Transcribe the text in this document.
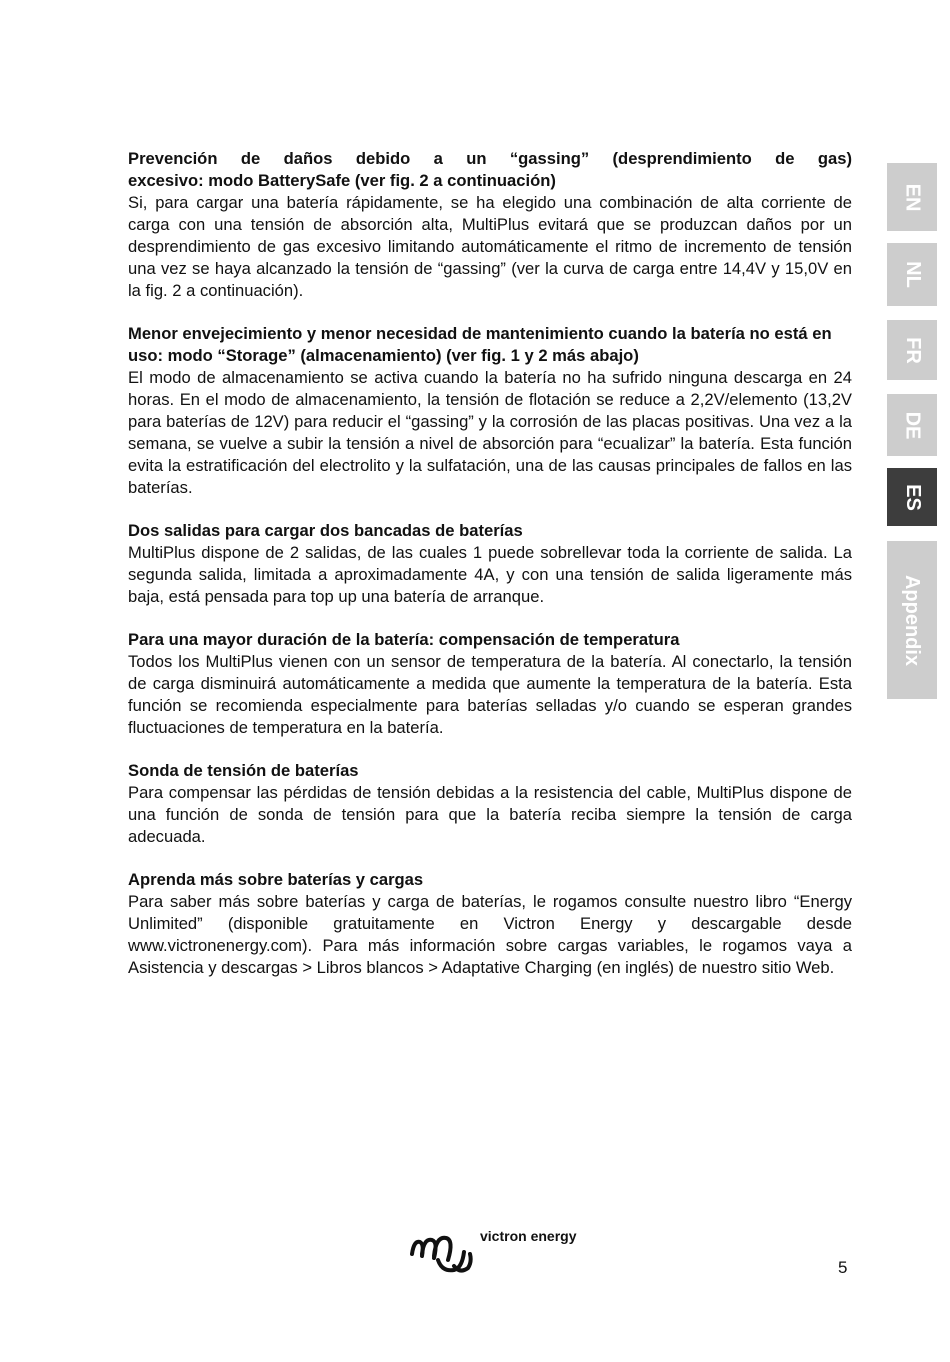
EN
NL
FR
DE
ES
Appendix
Prevención de daños debido a un “gassing” (desprendimiento de gas)
excesivo: modo BatterySafe (ver fig. 2 a continuación)

Si, para cargar una batería rápidamente, se ha elegido una combinación de alta corriente de carga con una tensión de absorción alta, MultiPlus evitará que se produzcan daños por un desprendimiento de gas excesivo limitando automáticamente el ritmo de incremento de tensión una vez se haya alcanzado la tensión de “gassing” (ver la curva de carga entre 14,4V y 15,0V en la fig. 2 a continuación).

Menor envejecimiento y menor necesidad de mantenimiento cuando la batería no está en uso: modo “Storage” (almacenamiento) (ver fig. 1 y 2 más abajo)

El modo de almacenamiento se activa cuando la batería no ha sufrido ninguna descarga en 24 horas. En el modo de almacenamiento, la tensión de flotación se reduce a 2,2V/elemento (13,2V para baterías de 12V) para reducir el “gassing” y la corrosión de las placas positivas. Una vez a la semana, se vuelve a subir la tensión a nivel de absorción para “ecualizar” la batería. Esta función evita la estratificación del electrolito y la sulfatación, una de las causas principales de fallos en las baterías.

Dos salidas para cargar dos bancadas de baterías

MultiPlus dispone de 2 salidas, de las cuales 1 puede sobrellevar toda la corriente de salida. La segunda salida, limitada a aproximadamente 4A, y con una tensión de salida ligeramente más baja, está pensada para top up una batería de arranque.

Para una mayor duración de la batería: compensación de temperatura

Todos los MultiPlus vienen con un sensor de temperatura de la batería. Al conectarlo, la tensión de carga disminuirá automáticamente a medida que aumente la temperatura de la batería. Esta función se recomienda especialmente para baterías selladas y/o cuando se esperan grandes fluctuaciones de temperatura en la batería.

Sonda de tensión de baterías

Para compensar las pérdidas de tensión debidas a la resistencia del cable, MultiPlus dispone de una función de sonda de tensión para que la batería reciba siempre la tensión de carga adecuada.

Aprenda más sobre baterías y cargas

Para saber más sobre baterías y carga de baterías, le rogamos consulte nuestro libro “Energy Unlimited” (disponible gratuitamente en Victron Energy y descargable desde www.victronenergy.com). Para más información sobre cargas variables, le rogamos vaya a Asistencia y descargas > Libros blancos > Adaptative Charging (en inglés) de nuestro sitio Web.

victron energy
5
